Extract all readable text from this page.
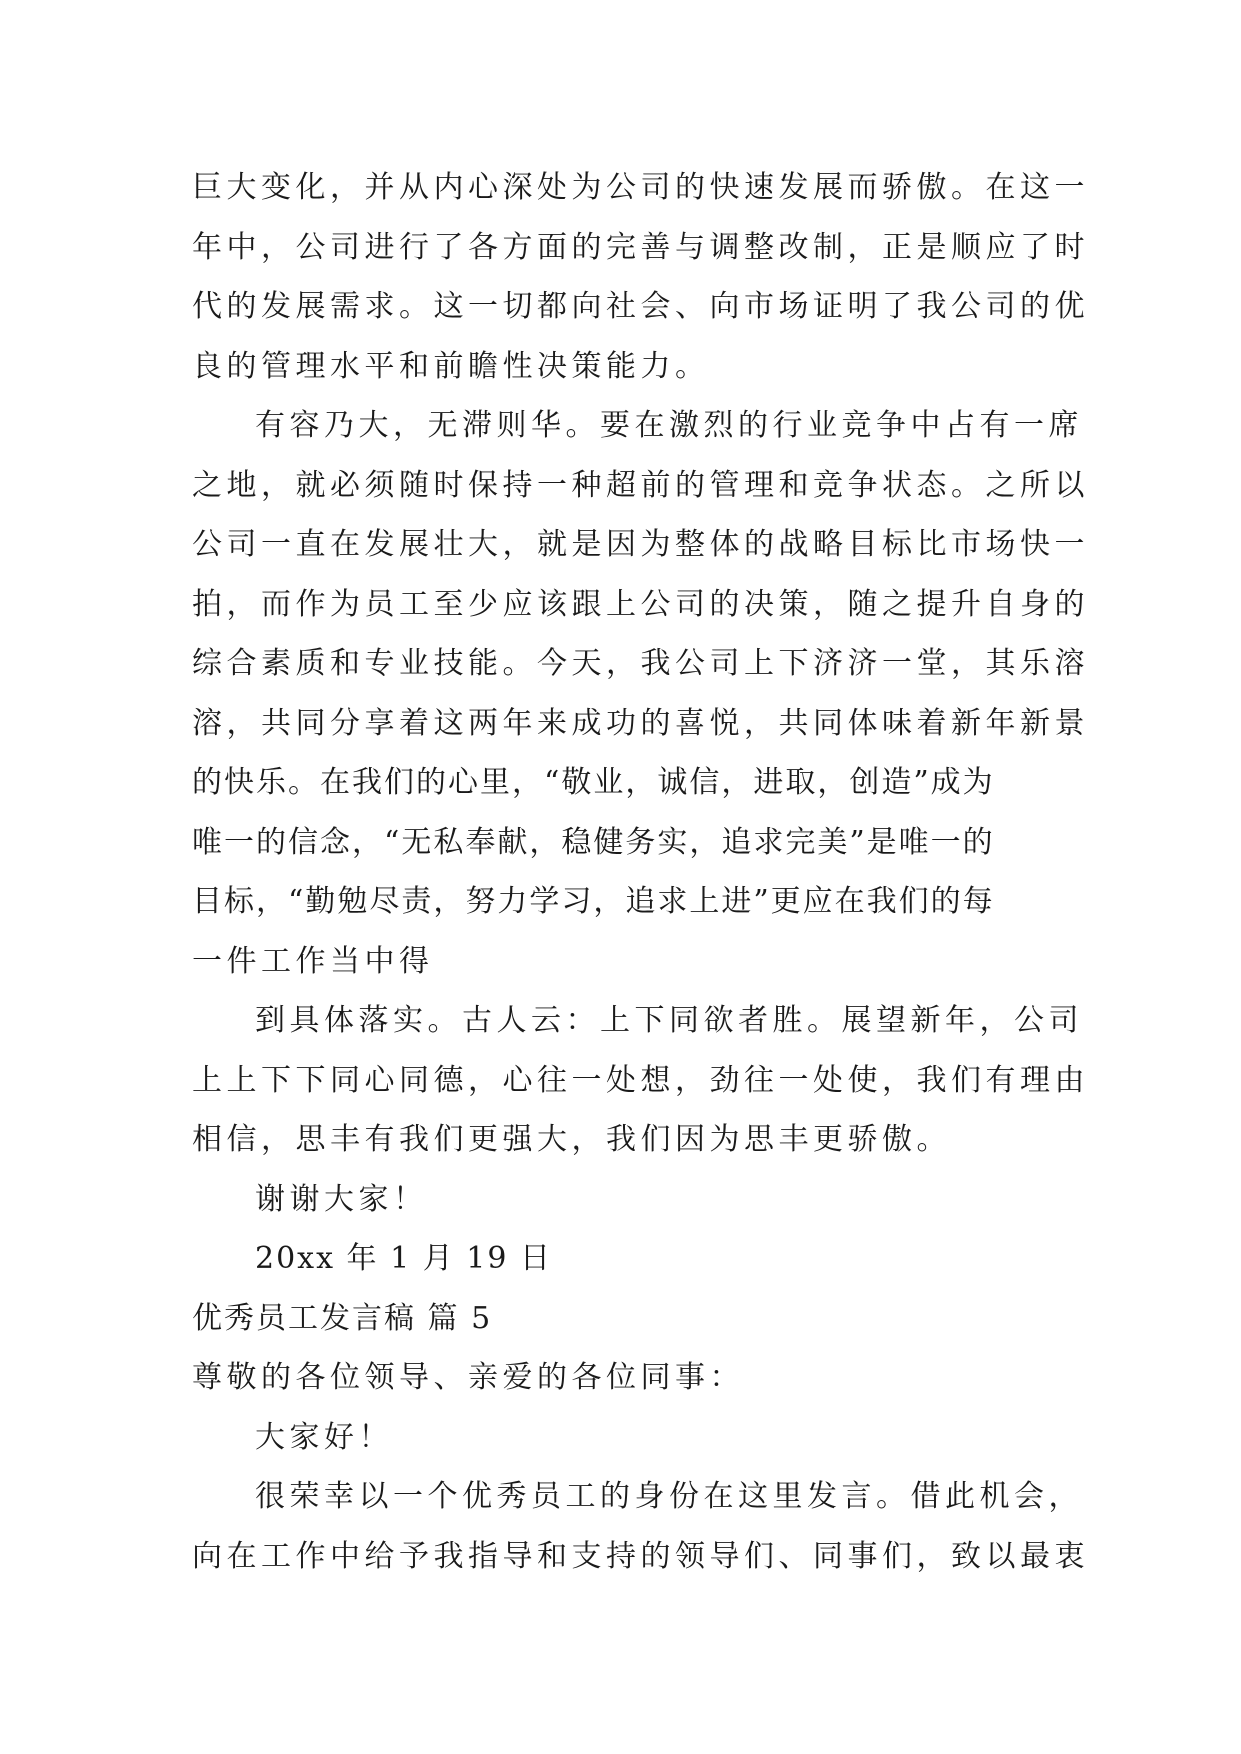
巨大变化，并从内心深处为公司的快速发展而骄傲。在这一
年中，公司进行了各方面的完善与调整改制，正是顺应了时
代的发展需求。这一切都向社会、向市场证明了我公司的优
良的管理水平和前瞻性决策能力。
有容乃大，无滞则华。要在激烈的行业竞争中占有一席
之地，就必须随时保持一种超前的管理和竞争状态。之所以
公司一直在发展壮大，就是因为整体的战略目标比市场快一
拍，而作为员工至少应该跟上公司的决策，随之提升自身的
综合素质和专业技能。今天，我公司上下济济一堂，其乐溶
溶，共同分享着这两年来成功的喜悦，共同体味着新年新景
的快乐。在我们的心里，“敬业，诚信，进取，创造”成为
唯一的信念，“无私奉献，稳健务实，追求完美”是唯一的
目标，“勤勉尽责，努力学习，追求上进”更应在我们的每
一件工作当中得
到具体落实。古人云：上下同欲者胜。展望新年，公司
上上下下同心同德，心往一处想，劲往一处使，我们有理由
相信，思丰有我们更强大，我们因为思丰更骄傲。
谢谢大家！
20xx 年 1 月 19 日
优秀员工发言稿 篇 5
尊敬的各位领导、亲爱的各位同事：
大家好！
很荣幸以一个优秀员工的身份在这里发言。借此机会，
向在工作中给予我指导和支持的领导们、同事们，致以最衷
